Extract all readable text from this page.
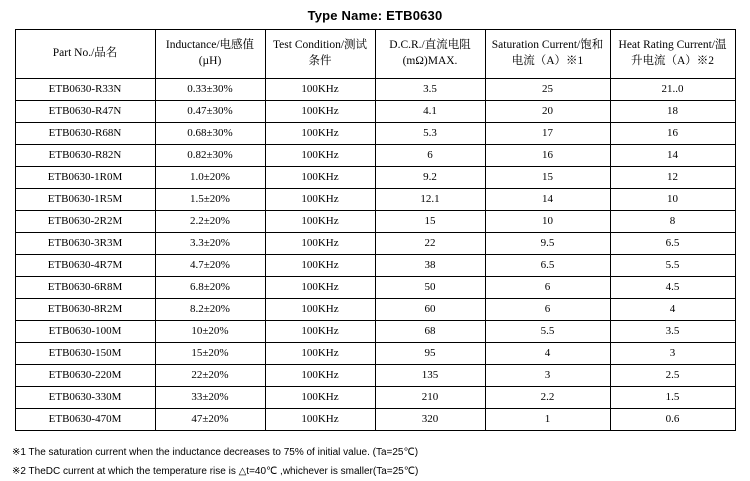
Type Name: ETB0630
Part No./品名	Inductance/电感值(µH)	Test Condition/测试条件	D.C.R./直流电阻(mΩ)MAX.	Saturation Current/饱和电流（A）※1	Heat Rating Current/温升电流（A）※2
ETB0630-R33N	0.33±30%	100KHz	3.5	25	21..0
ETB0630-R47N	0.47±30%	100KHz	4.1	20	18
ETB0630-R68N	0.68±30%	100KHz	5.3	17	16
ETB0630-R82N	0.82±30%	100KHz	6	16	14
ETB0630-1R0M	1.0±20%	100KHz	9.2	15	12
ETB0630-1R5M	1.5±20%	100KHz	12.1	14	10
ETB0630-2R2M	2.2±20%	100KHz	15	10	8
ETB0630-3R3M	3.3±20%	100KHz	22	9.5	6.5
ETB0630-4R7M	4.7±20%	100KHz	38	6.5	5.5
ETB0630-6R8M	6.8±20%	100KHz	50	6	4.5
ETB0630-8R2M	8.2±20%	100KHz	60	6	4
ETB0630-100M	10±20%	100KHz	68	5.5	3.5
ETB0630-150M	15±20%	100KHz	95	4	3
ETB0630-220M	22±20%	100KHz	135	3	2.5
ETB0630-330M	33±20%	100KHz	210	2.2	1.5
ETB0630-470M	47±20%	100KHz	320	1	0.6
※1 The saturation current when the inductance decreases to 75% of initial value. (Ta=25℃)
※2 TheDC current at which the temperature rise is △t=40℃ ,whichever is smaller(Ta=25℃)
